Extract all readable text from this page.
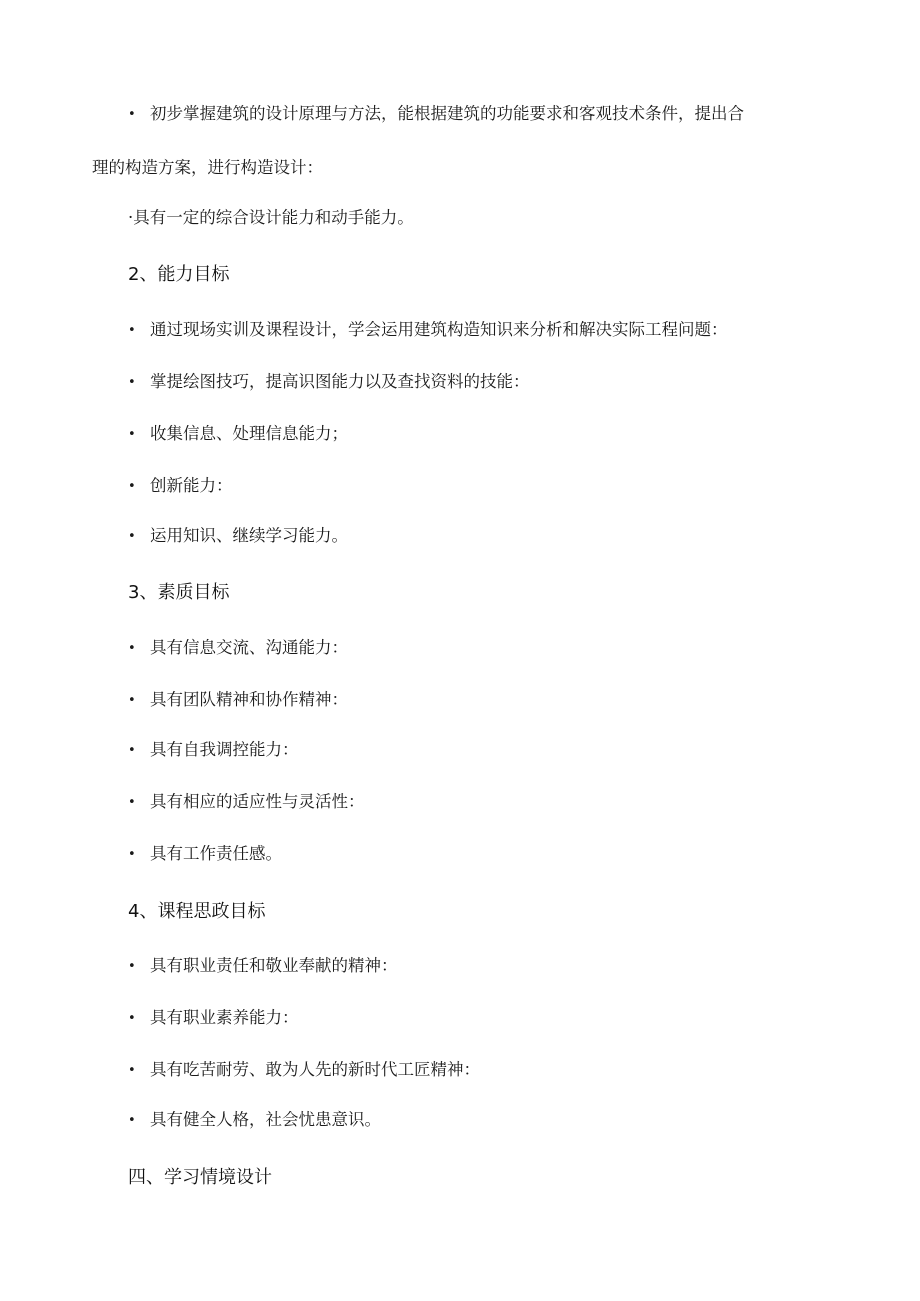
• 初步掌握建筑的设计原理与方法，能根据建筑的功能要求和客观技术条件，提出合
理的构造方案，进行构造设计：
·具有一定的综合设计能力和动手能力。
2、能力目标
• 通过现场实训及课程设计，学会运用建筑构造知识来分析和解决实际工程问题：
• 掌提绘图技巧，提高识图能力以及查找资料的技能：
• 收集信息、处理信息能力；
• 创新能力：
• 运用知识、继续学习能力。
3、素质目标
• 具有信息交流、沟通能力：
• 具有团队精神和协作精神：
• 具有自我调控能力：
• 具有相应的适应性与灵活性：
• 具有工作责任感。
4、课程思政目标
• 具有职业责任和敬业奉献的精神：
• 具有职业素养能力：
• 具有吃苦耐劳、敢为人先的新时代工匠精神：
• 具有健全人格，社会忧患意识。
四、学习情境设计
